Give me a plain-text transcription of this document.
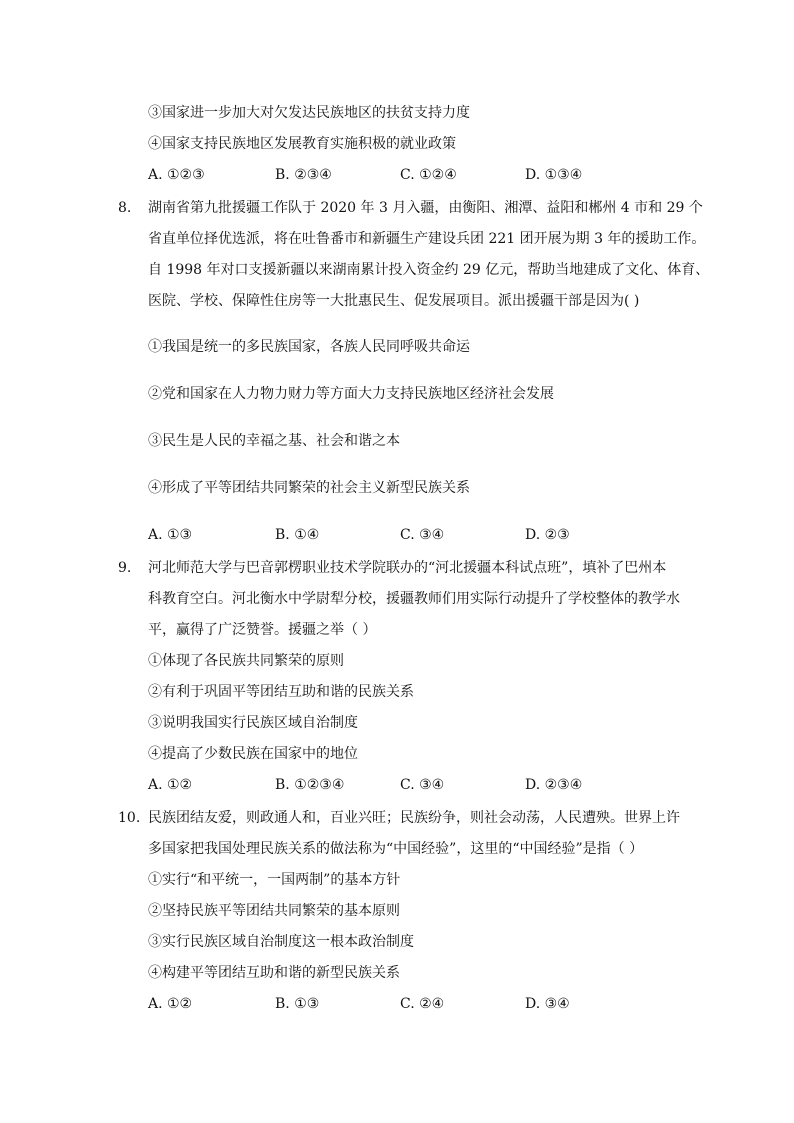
③国家进一步加大对欠发达民族地区的扶贫支持力度
④国家支持民族地区发展教育实施积极的就业政策
A. ①②③	B. ②③④	C. ①②④	D. ①③④
8. 湖南省第九批援疆工作队于 2020 年 3 月入疆，由衡阳、湘潭、益阳和郴州 4 市和 29 个
省直单位择优选派，将在吐鲁番市和新疆生产建设兵团 221 团开展为期 3 年的援助工作。
自 1998 年对口支援新疆以来湖南累计投入资金约 29 亿元，帮助当地建成了文化、体育、
医院、学校、保障性住房等一大批惠民生、促发展项目。派出援疆干部是因为( )
①我国是统一的多民族国家，各族人民同呼吸共命运
②党和国家在人力物力财力等方面大力支持民族地区经济社会发展
③民生是人民的幸福之基、社会和谐之本
④形成了平等团结共同繁荣的社会主义新型民族关系
A. ①③	B. ①④	C. ③④	D. ②③
9. 河北师范大学与巴音郭楞职业技术学院联办的“河北援疆本科试点班”，填补了巴州本
科教育空白。河北衡水中学尉犁分校，援疆教师们用实际行动提升了学校整体的教学水
平，赢得了广泛赞誉。援疆之举（ ）
①体现了各民族共同繁荣的原则
②有利于巩固平等团结互助和谐的民族关系
③说明我国实行民族区域自治制度
④提高了少数民族在国家中的地位
A. ①②	B. ①②③④	C. ③④	D. ②③④
10. 民族团结友爱，则政通人和，百业兴旺；民族纷争，则社会动荡，人民遭殃。世界上许
多国家把我国处理民族关系的做法称为“中国经验”，这里的“中国经验”是指（ ）
①实行“和平统一，一国两制”的基本方针
②坚持民族平等团结共同繁荣的基本原则
③实行民族区域自治制度这一根本政治制度
④构建平等团结互助和谐的新型民族关系
A. ①②	B. ①③	C. ②④	D. ③④
